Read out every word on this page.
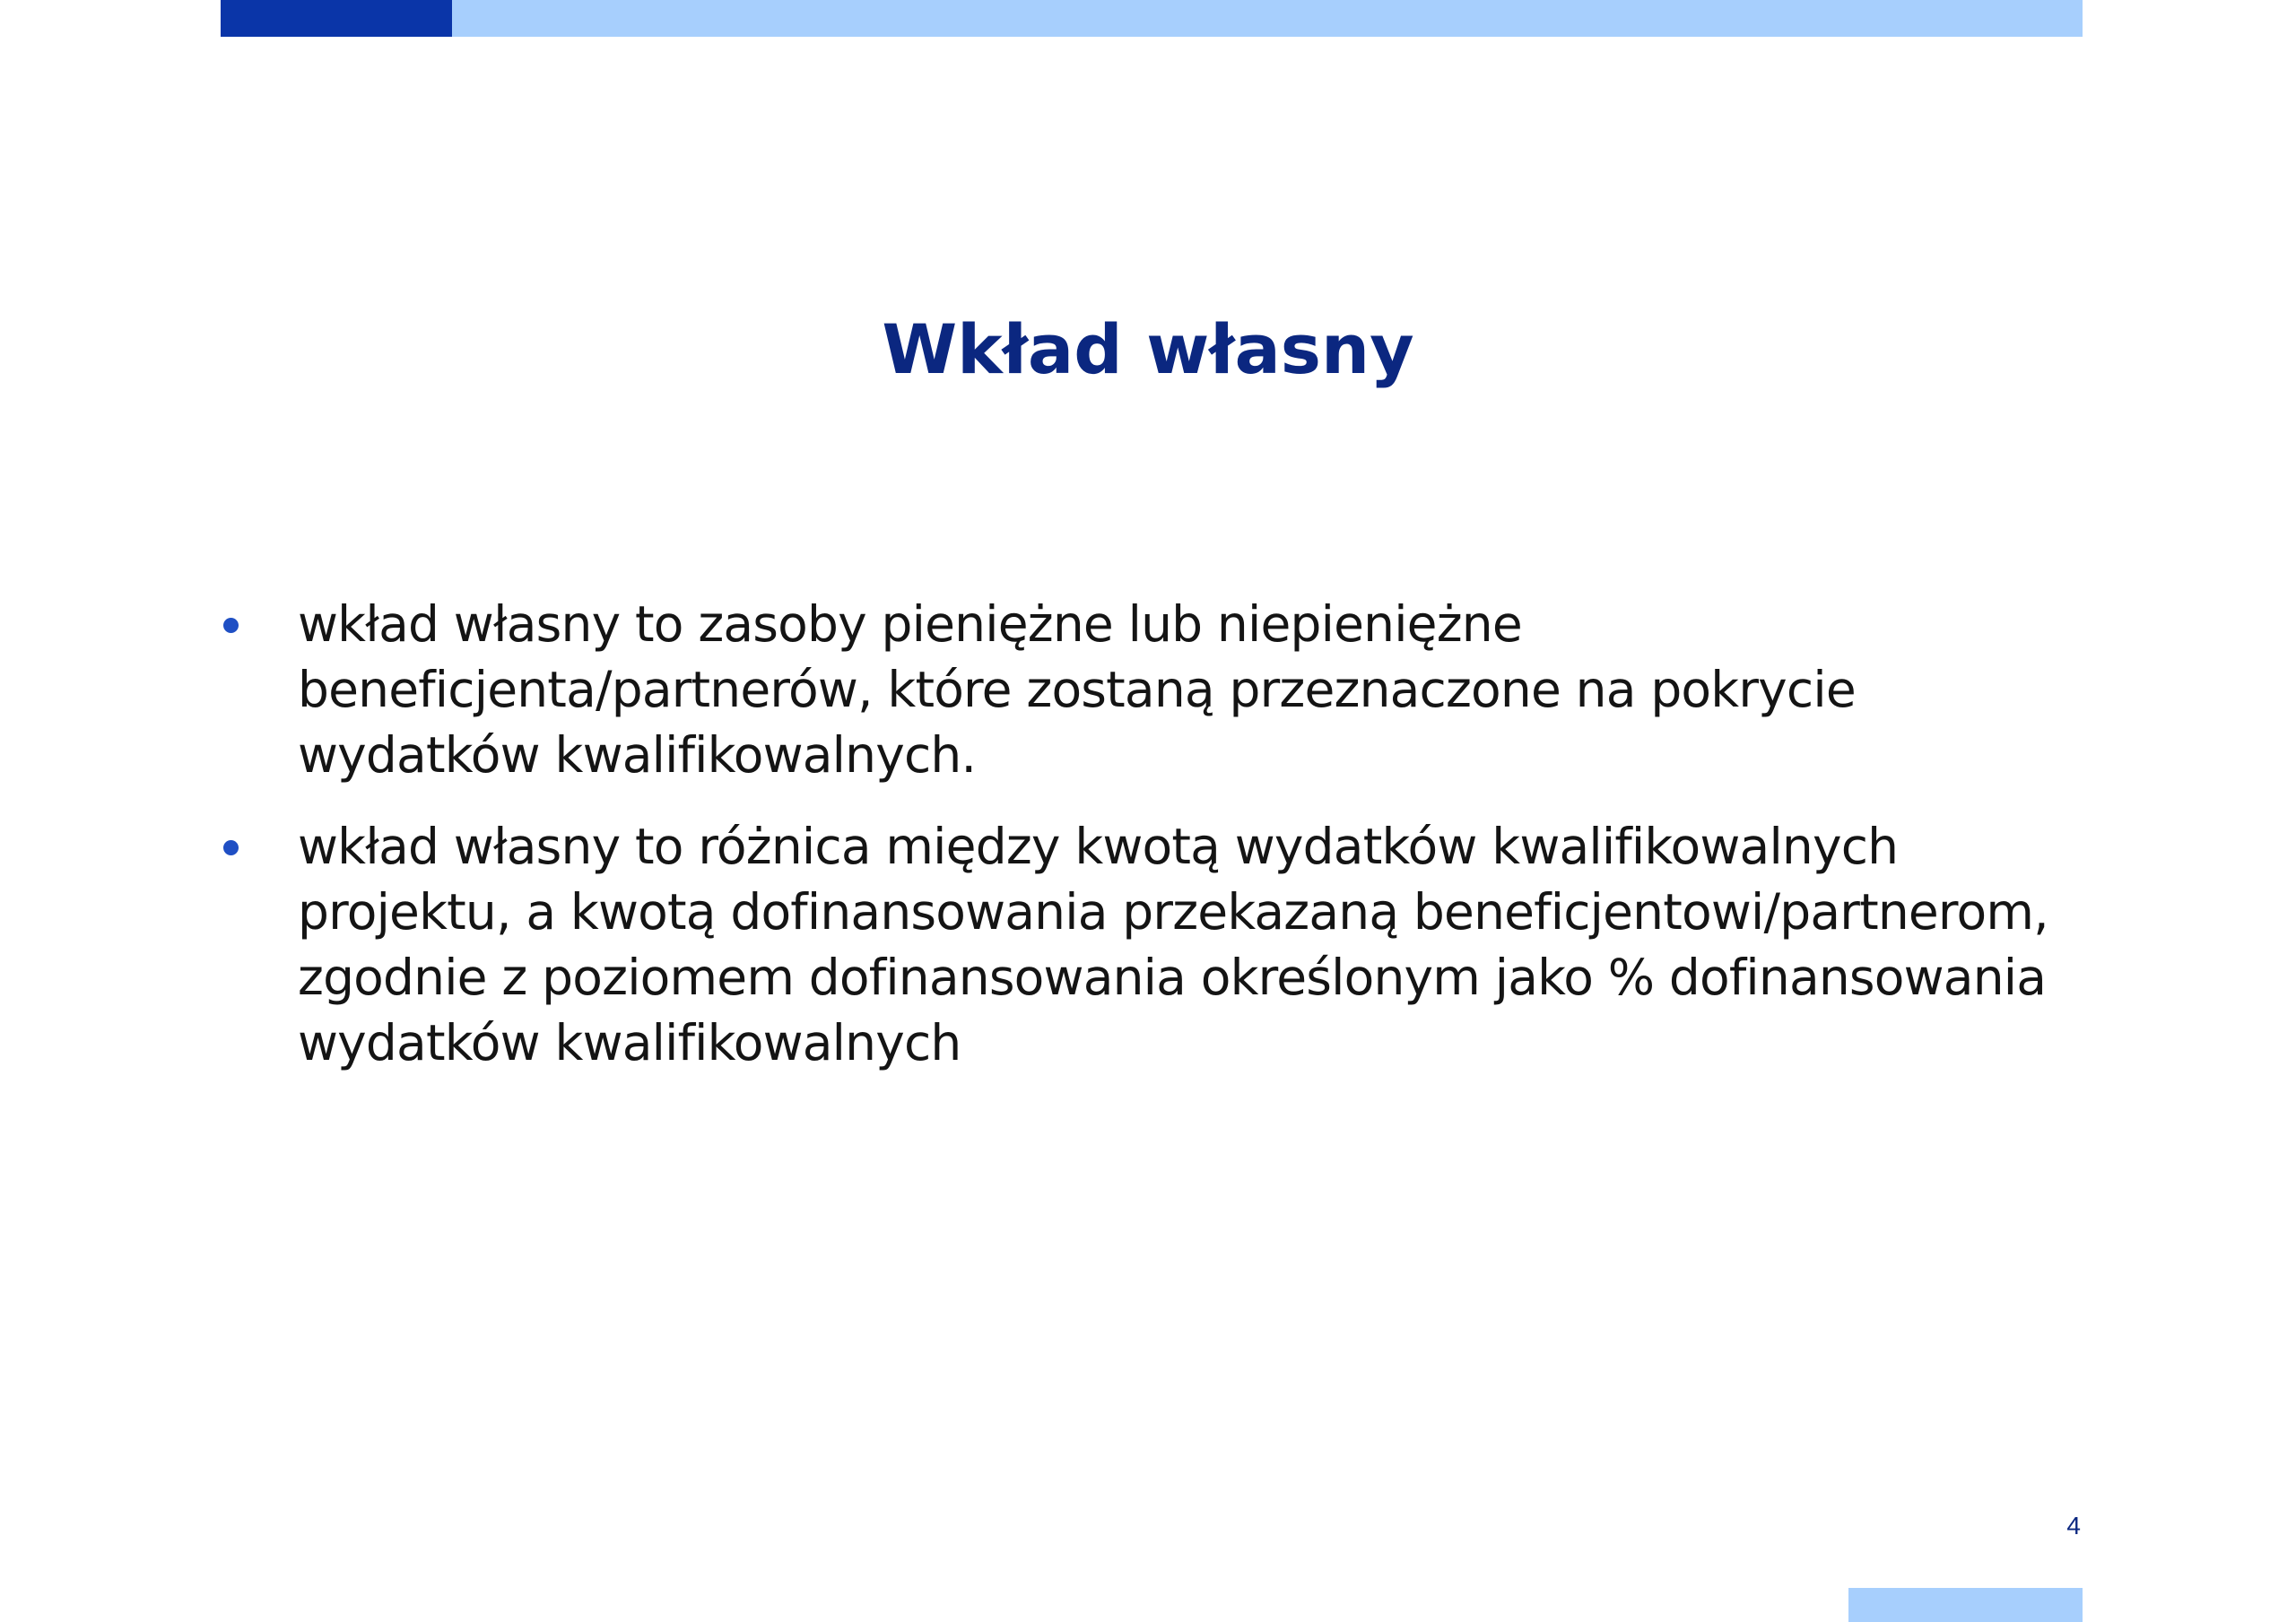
Wkład własny
wkład własny to zasoby pieniężne lub niepieniężne beneficjenta/partnerów, które zostaną przeznaczone na pokrycie wydatków kwalifikowalnych.
wkład własny to różnica między kwotą wydatków kwalifikowalnych projektu, a kwotą dofinansowania przekazaną beneficjentowi/partnerom, zgodnie z poziomem dofinansowania określonym jako % dofinansowania wydatków kwalifikowalnych
4
